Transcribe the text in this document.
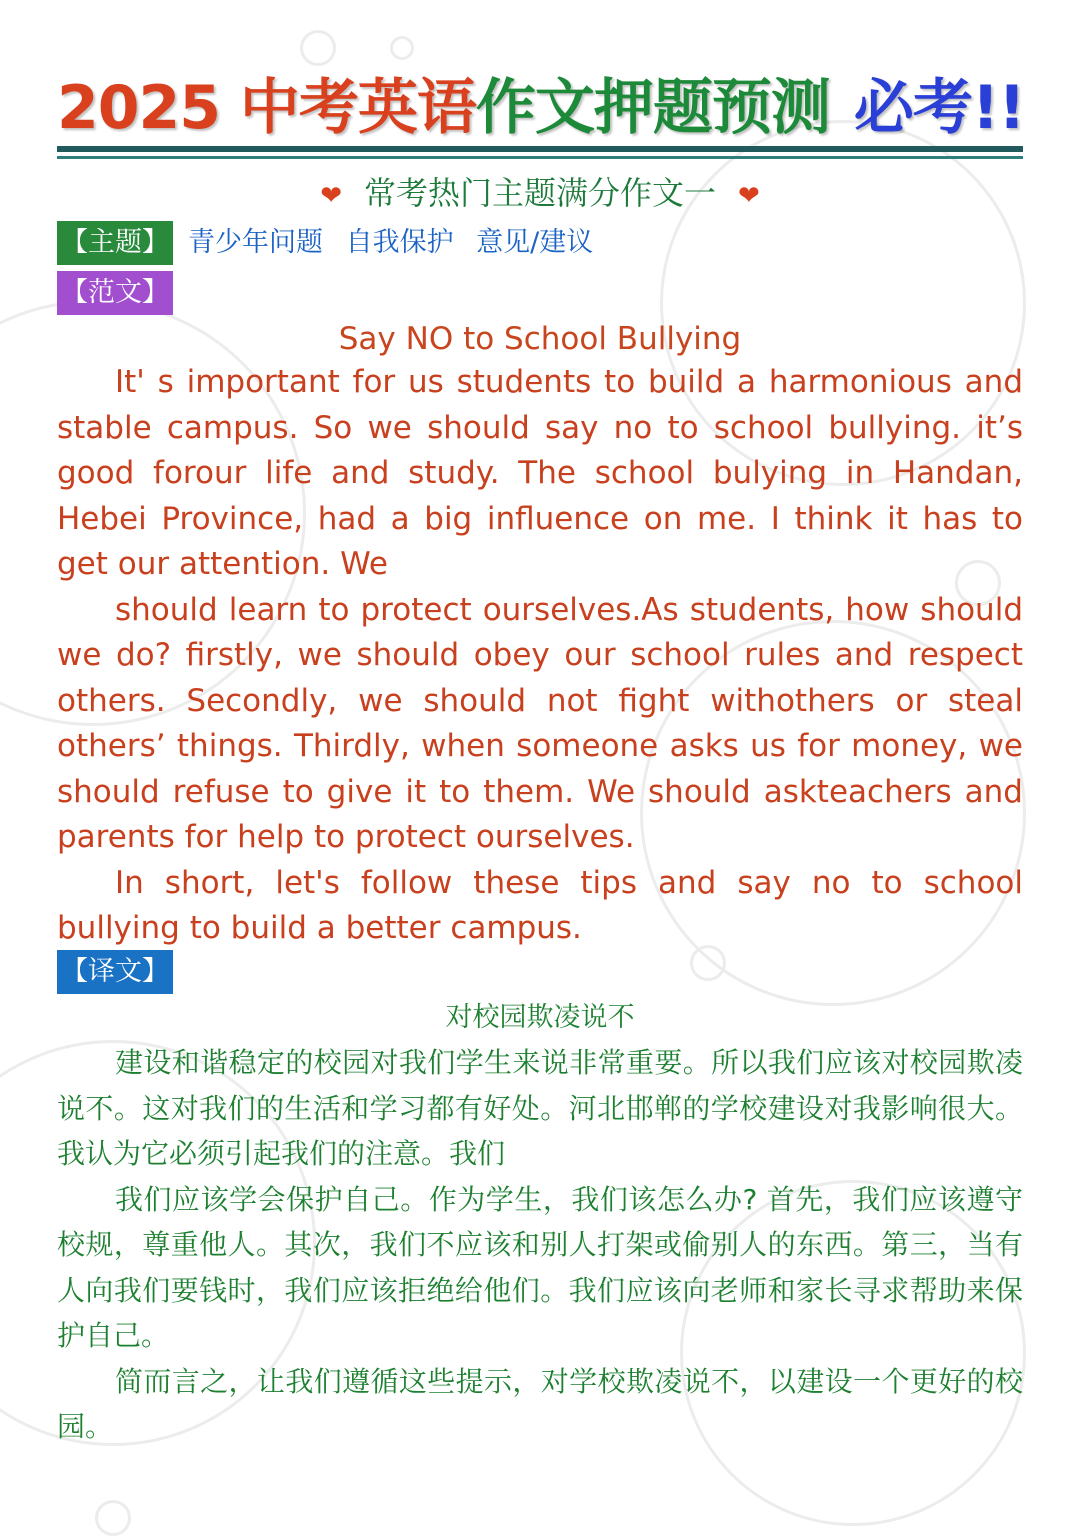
2025 中考英语作文押题预测 必考!!
❤ 常考热门主题满分作文一 ❤
【主题】 青少年问题 自我保护 意见/建议
【范文】
Say NO to School Bullying

It' s important for us students to build a harmonious and stable campus. So we should say no to school bullying. it’s good forour life and study. The school bulying in Handan, Hebei Province, had a big influence on me. I think it has to get our attention. We

should learn to protect ourselves.As students, how should we do? firstly, we should obey our school rules and respect others. Secondly, we should not fight withothers or steal others’ things. Thirdly, when someone asks us for money, we should refuse to give it to them. We should askteachers and parents for help to protect ourselves.

In short, let's follow these tips and say no to school bullying to build a better campus.

【译文】
对校园欺凌说不

建设和谐稳定的校园对我们学生来说非常重要。所以我们应该对校园欺凌说不。这对我们的生活和学习都有好处。河北邯郸的学校建设对我影响很大。我认为它必须引起我们的注意。我们

我们应该学会保护自己。作为学生，我们该怎么办? 首先，我们应该遵守校规，尊重他人。其次，我们不应该和别人打架或偷别人的东西。第三，当有人向我们要钱时，我们应该拒绝给他们。我们应该向老师和家长寻求帮助来保护自己。

简而言之，让我们遵循这些提示，对学校欺凌说不，以建设一个更好的校园。
